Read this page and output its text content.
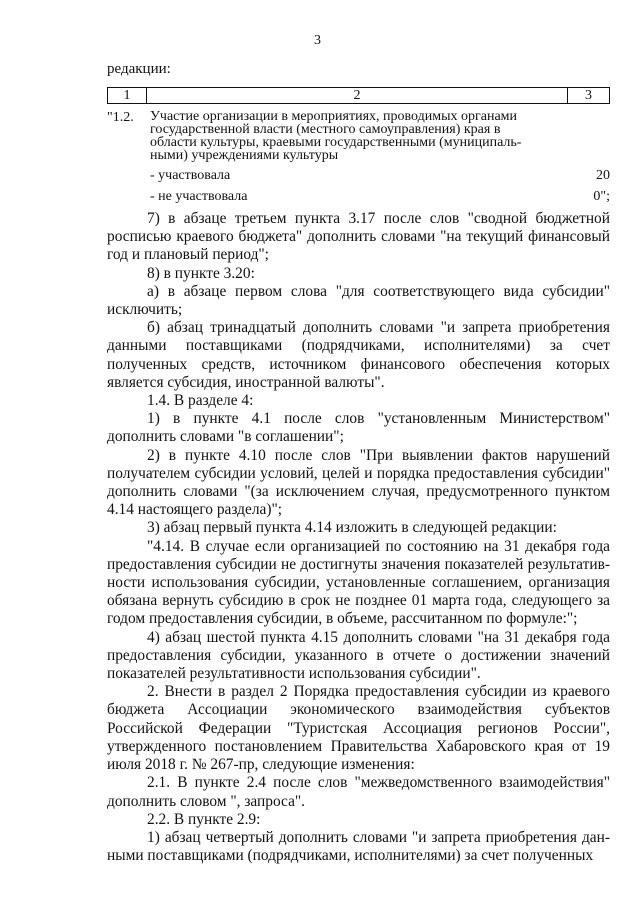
3
редакции:
1	2	3
"1.2. Участие организации в мероприятиях, проводимых органами
государственной власти (местного самоуправления) края в
области культуры, краевыми государственными (муниципаль-
ными) учреждениями культуры
- участвовала	20
- не участвовала	0";

7) в абзаце третьем пункта 3.17 после слов "сводной бюджетной росписью краевого бюджета" дополнить словами "на текущий финансовый год и плановый период";

8) в пункте 3.20:

а) в абзаце первом слова "для соответствующего вида субсидии" исключить;

б) абзац тринадцатый дополнить словами "и запрета приобретения данными поставщиками (подрядчиками, исполнителями) за счет полученных средств, источником финансового обеспечения которых является субсидия, иностранной валюты".

1.4. В разделе 4:

1) в пункте 4.1 после слов "установленным Министерством" дополнить словами "в соглашении";

2) в пункте 4.10 после слов "При выявлении фактов нарушений получателем субсидии условий, целей и порядка предоставления субсидии" дополнить словами "(за исключением случая, предусмотренного пунктом 4.14 настоящего раздела)";

3) абзац первый пункта 4.14 изложить в следующей редакции:

"4.14. В случае если организацией по состоянию на 31 декабря года предоставления субсидии не достигнуты значения показателей результативности использования субсидии, установленные соглашением, организация обязана вернуть субсидию в срок не позднее 01 марта года, следующего за годом предоставления субсидии, в объеме, рассчитанном по формуле:";

4) абзац шестой пункта 4.15 дополнить словами "на 31 декабря года предоставления субсидии, указанного в отчете о достижении значений показателей результативности использования субсидии".

2. Внести в раздел 2 Порядка предоставления субсидии из краевого бюджета Ассоциации экономического взаимодействия субъектов Российской Федерации "Туристская Ассоциация регионов России", утвержденного постановлением Правительства Хабаровского края от 19 июля 2018 г. № 267-пр, следующие изменения:

2.1. В пункте 2.4 после слов "межведомственного взаимодействия" дополнить словом ", запроса".

2.2. В пункте 2.9:

1) абзац четвертый дополнить словами "и запрета приобретения данными поставщиками (подрядчиками, исполнителями) за счет полученных
